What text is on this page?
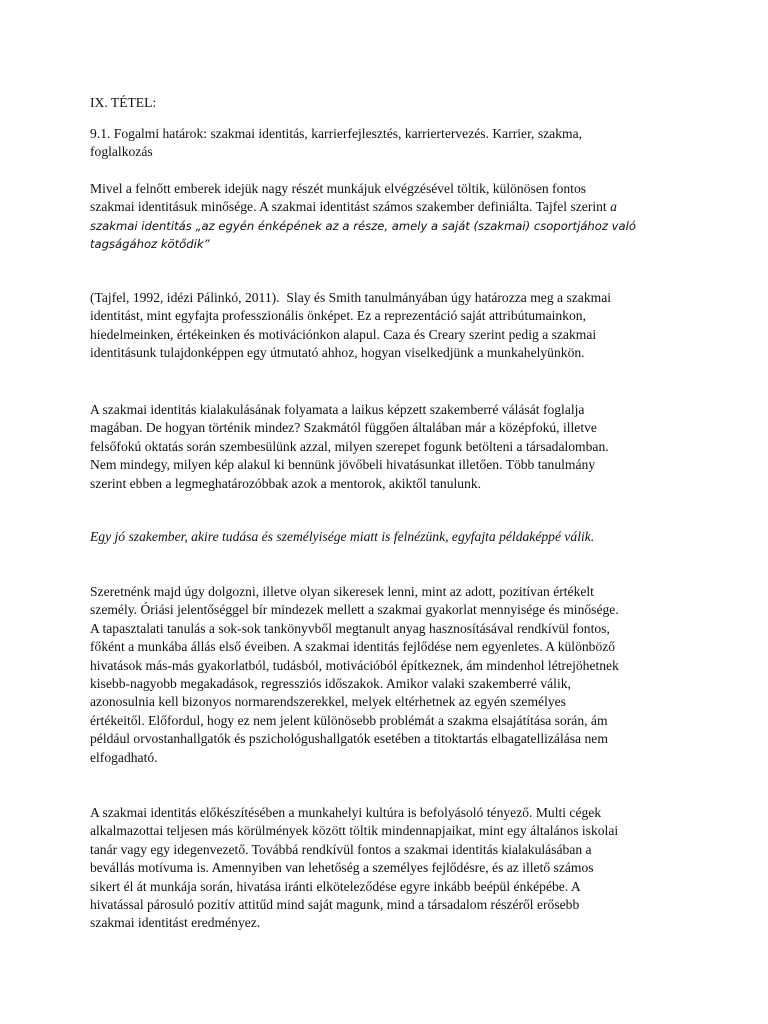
IX. TÉTEL:
9.1. Fogalmi határok: szakmai identitás, karrierfejlesztés, karriertervezés. Karrier, szakma,
foglalkozás
Mivel a felnőtt emberek idejük nagy részét munkájuk elvégzésével töltik, különösen fontos
szakmai identitásuk minősége. A szakmai identitást számos szakember definiálta. Tajfel szerint a
szakmai identitás „az egyén énképének az a része, amely a saját (szakmai) csoportjához való
tagságához kötődik”
(Tajfel, 1992, idézi Pálinkó, 2011).  Slay és Smith tanulmányában úgy határozza meg a szakmai
identitást, mint egyfajta professzionális önképet. Ez a reprezentáció saját attribútumainkon,
hiedelmeinken, értékeinken és motivációnkon alapul. Caza és Creary szerint pedig a szakmai
identitásunk tulajdonképpen egy útmutató ahhoz, hogyan viselkedjünk a munkahelyünkön.
A szakmai identitás kialakulásának folyamata a laikus képzett szakemberré válását foglalja
magában. De hogyan történik mindez? Szakmától függően általában már a középfokú, illetve
felsőfokú oktatás során szembesülünk azzal, milyen szerepet fogunk betölteni a társadalomban.
Nem mindegy, milyen kép alakul ki bennünk jövőbeli hivatásunkat illetően. Több tanulmány
szerint ebben a legmeghatározóbbak azok a mentorok, akiktől tanulunk.
Egy jó szakember, akire tudása és személyisége miatt is felnézünk, egyfajta példaképpé válik.
Szeretnénk majd úgy dolgozni, illetve olyan sikeresek lenni, mint az adott, pozitívan értékelt
személy. Óriási jelentőséggel bír mindezek mellett a szakmai gyakorlat mennyisége és minősége.
A tapasztalati tanulás a sok-sok tankönyvből megtanult anyag hasznosításával rendkívül fontos,
főként a munkába állás első éveiben. A szakmai identitás fejlődése nem egyenletes. A különböző
hivatások más-más gyakorlatból, tudásból, motivációból építkeznek, ám mindenhol létrejöhetnek
kisebb-nagyobb megakadások, regressziós időszakok. Amikor valaki szakemberré válik,
azonosulnia kell bizonyos normarendszerekkel, melyek eltérhetnek az egyén személyes
értékeitől. Előfordul, hogy ez nem jelent különösebb problémát a szakma elsajátítása során, ám
például orvostanhallgatók és pszichológushallgatók esetében a titoktartás elbagatellizálása nem
elfogadható.
A szakmai identitás előkészítésében a munkahelyi kultúra is befolyásoló tényező. Multi cégek
alkalmazottai teljesen más körülmények között töltik mindennapjaikat, mint egy általános iskolai
tanár vagy egy idegenvezető. Továbbá rendkívül fontos a szakmai identitás kialakulásában a
bevállás motívuma is. Amennyiben van lehetőség a személyes fejlődésre, és az illető számos
sikert él át munkája során, hivatása iránti elköteleződése egyre inkább beépül énképébe. A
hivatással párosuló pozitív attitűd mind saját magunk, mind a társadalom részéről erősebb
szakmai identitást eredményez.
